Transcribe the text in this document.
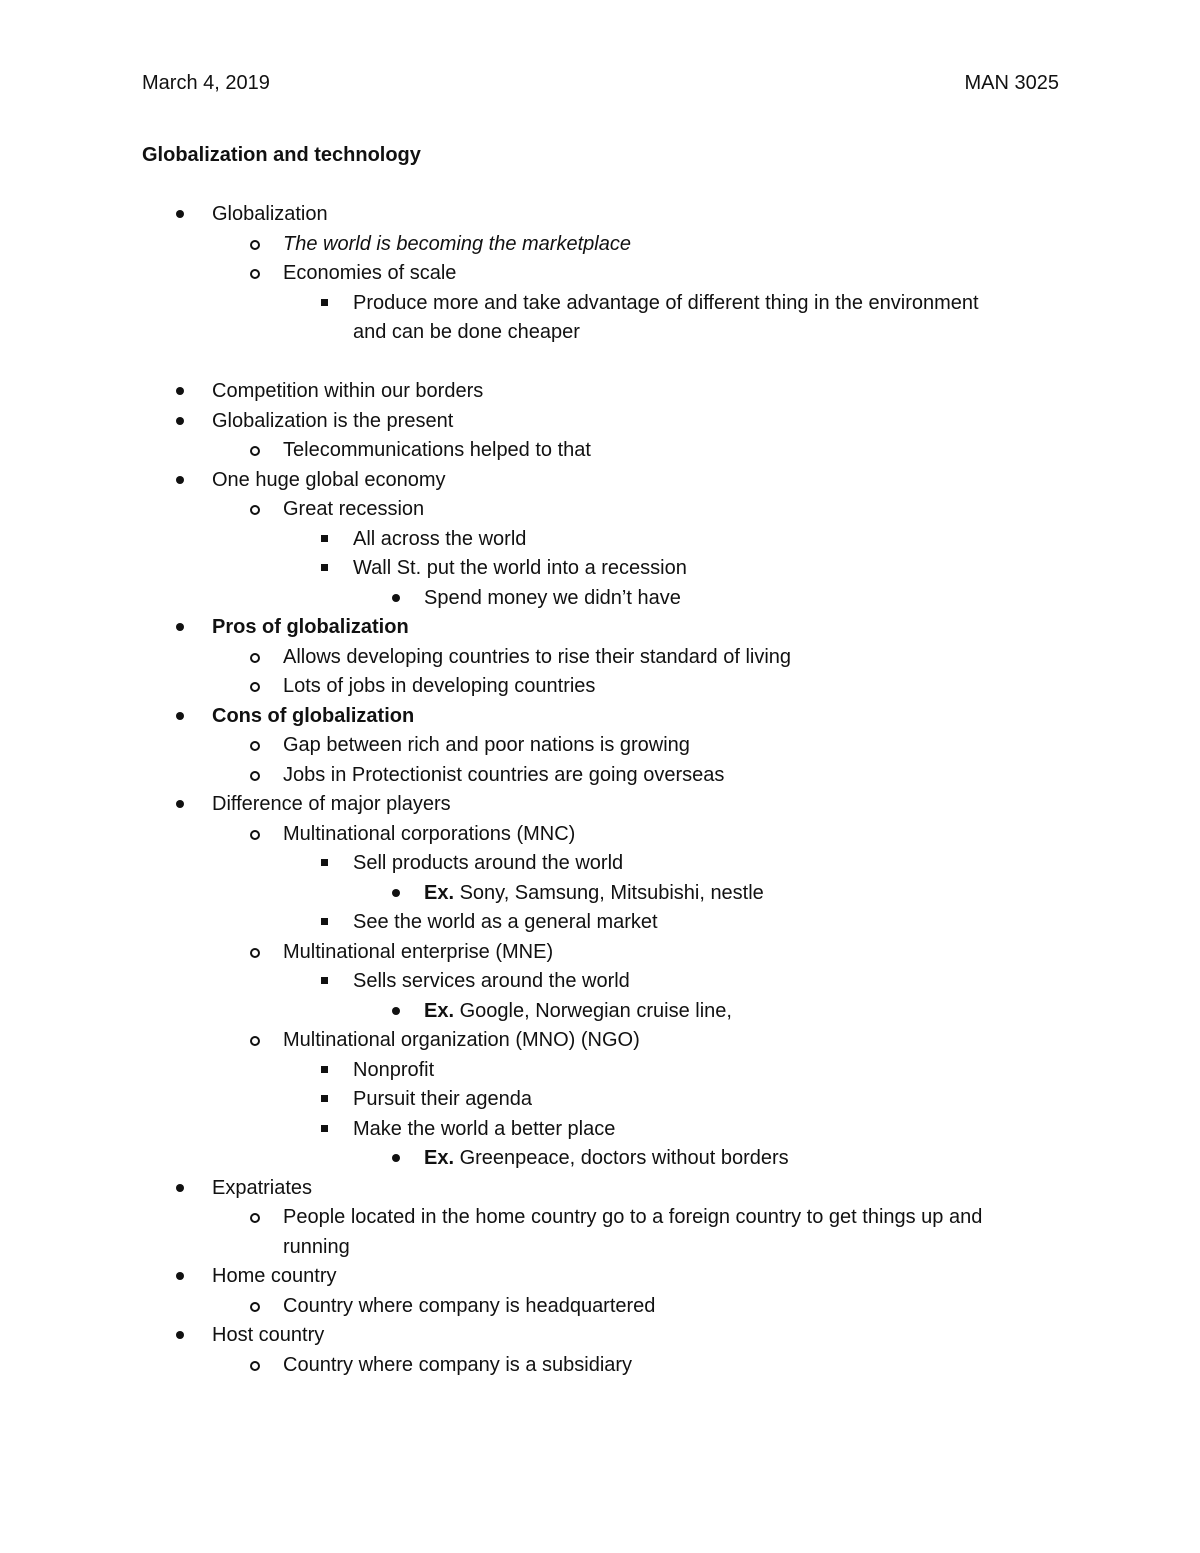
March 4, 2019	MAN 3025
Globalization and technology
Globalization
The world is becoming the marketplace
Economies of scale
Produce more and take advantage of different thing in the environment
and can be done cheaper
Competition within our borders
Globalization is the present
Telecommunications helped to that
One huge global economy
Great recession
All across the world
Wall St. put the world into a recession
Spend money we didn’t have
Pros of globalization
Allows developing countries to rise their standard of living
Lots of jobs in developing countries
Cons of globalization
Gap between rich and poor nations is growing
Jobs in Protectionist countries are going overseas
Difference of major players
Multinational corporations (MNC)
Sell products around the world
Ex. Sony, Samsung, Mitsubishi, nestle
See the world as a general market
Multinational enterprise (MNE)
Sells services around the world
Ex. Google, Norwegian cruise line,
Multinational organization (MNO) (NGO)
Nonprofit
Pursuit their agenda
Make the world a better place
Ex. Greenpeace, doctors without borders
Expatriates
People located in the home country go to a foreign country to get things up and
running
Home country
Country where company is headquartered
Host country
Country where company is a subsidiary
